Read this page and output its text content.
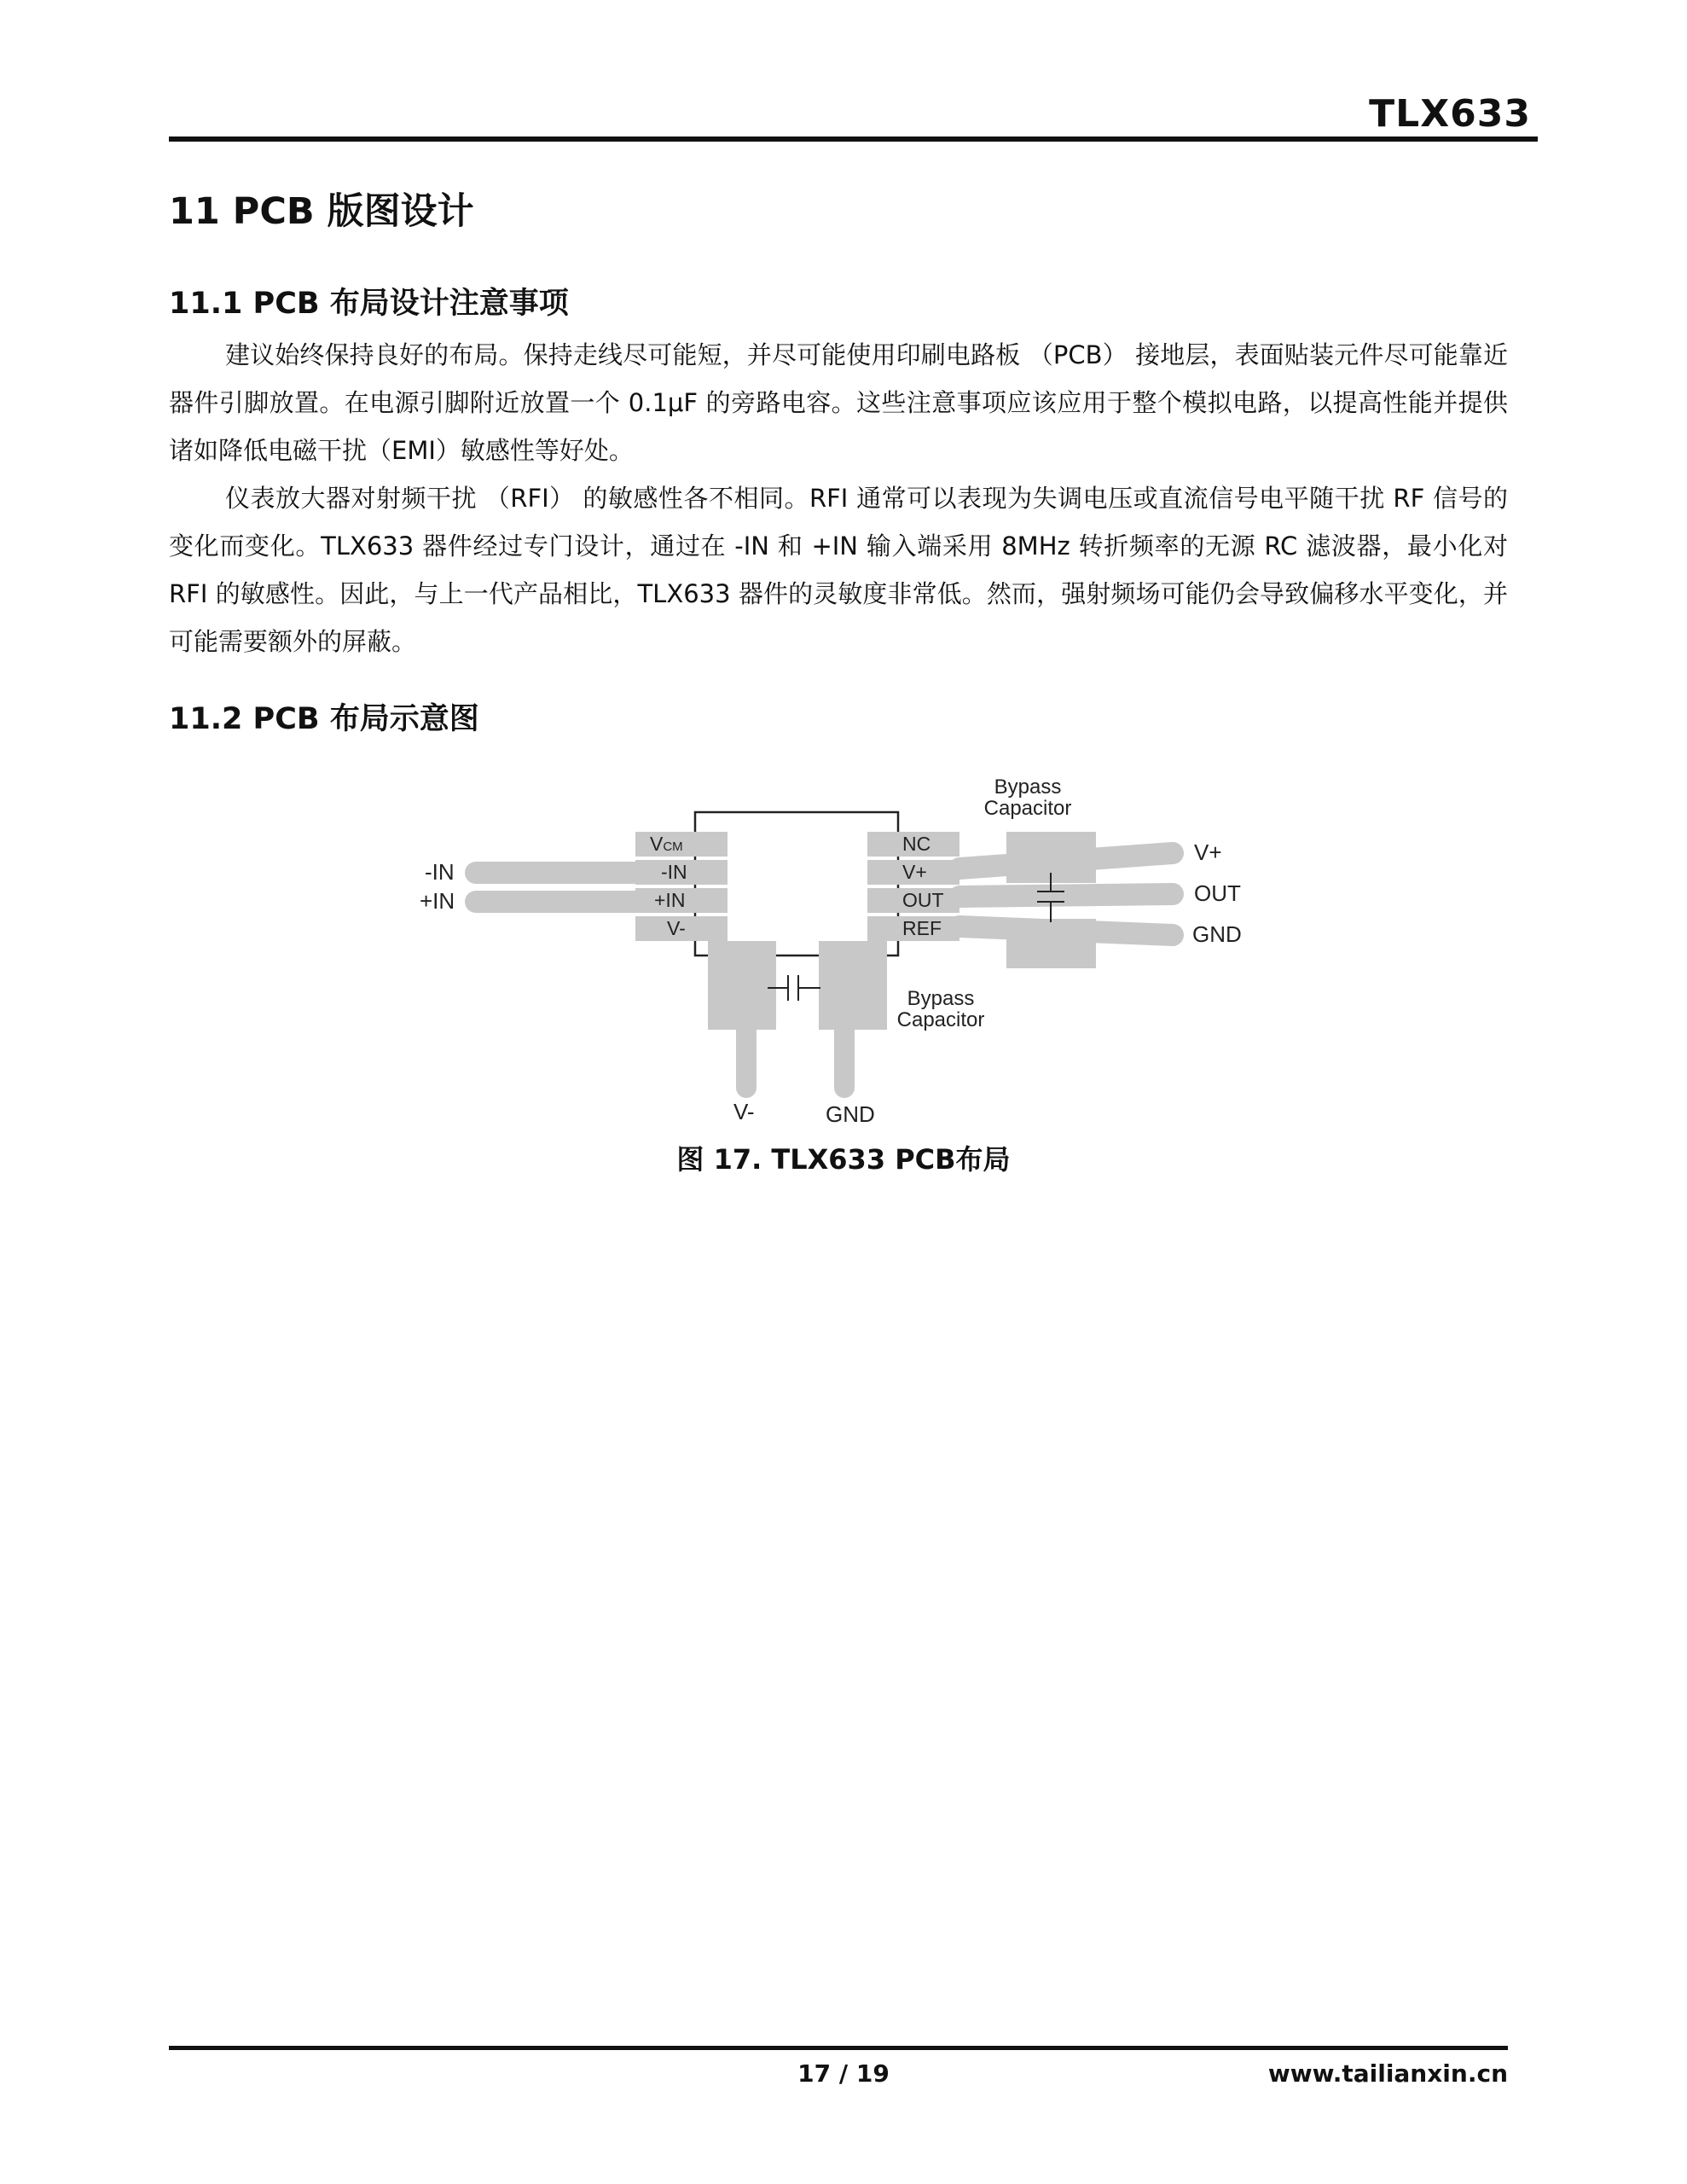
TLX633
11 PCB 版图设计
11.1 PCB 布局设计注意事项

建议始终保持良好的布局。保持走线尽可能短，并尽可能使用印刷电路板 （PCB） 接地层，表面贴装元件尽可能靠近器件引脚放置。在电源引脚附近放置一个 0.1μF 的旁路电容。这些注意事项应该应用于整个模拟电路，以提高性能并提供诸如降低电磁干扰（EMI）敏感性等好处。

仪表放大器对射频干扰 （RFI） 的敏感性各不相同。RFI 通常可以表现为失调电压或直流信号电平随干扰 RF 信号的变化而变化。TLX633 器件经过专门设计，通过在 -IN 和 +IN 输入端采用 8MHz 转折频率的无源 RC 滤波器，最小化对 RFI 的敏感性。因此，与上一代产品相比，TLX633 器件的灵敏度非常低。然而，强射频场可能仍会导致偏移水平变化，并可能需要额外的屏蔽。

11.2 PCB 布局示意图
VCM
-IN
+IN
V-
NC
V+
OUT
REF
-IN
+IN
V+
OUT
GND
V-	GND
Bypass
Capacitor
Bypass
Capacitor
图 17. TLX633 PCB布局
17 / 19	www.tailianxin.cn
